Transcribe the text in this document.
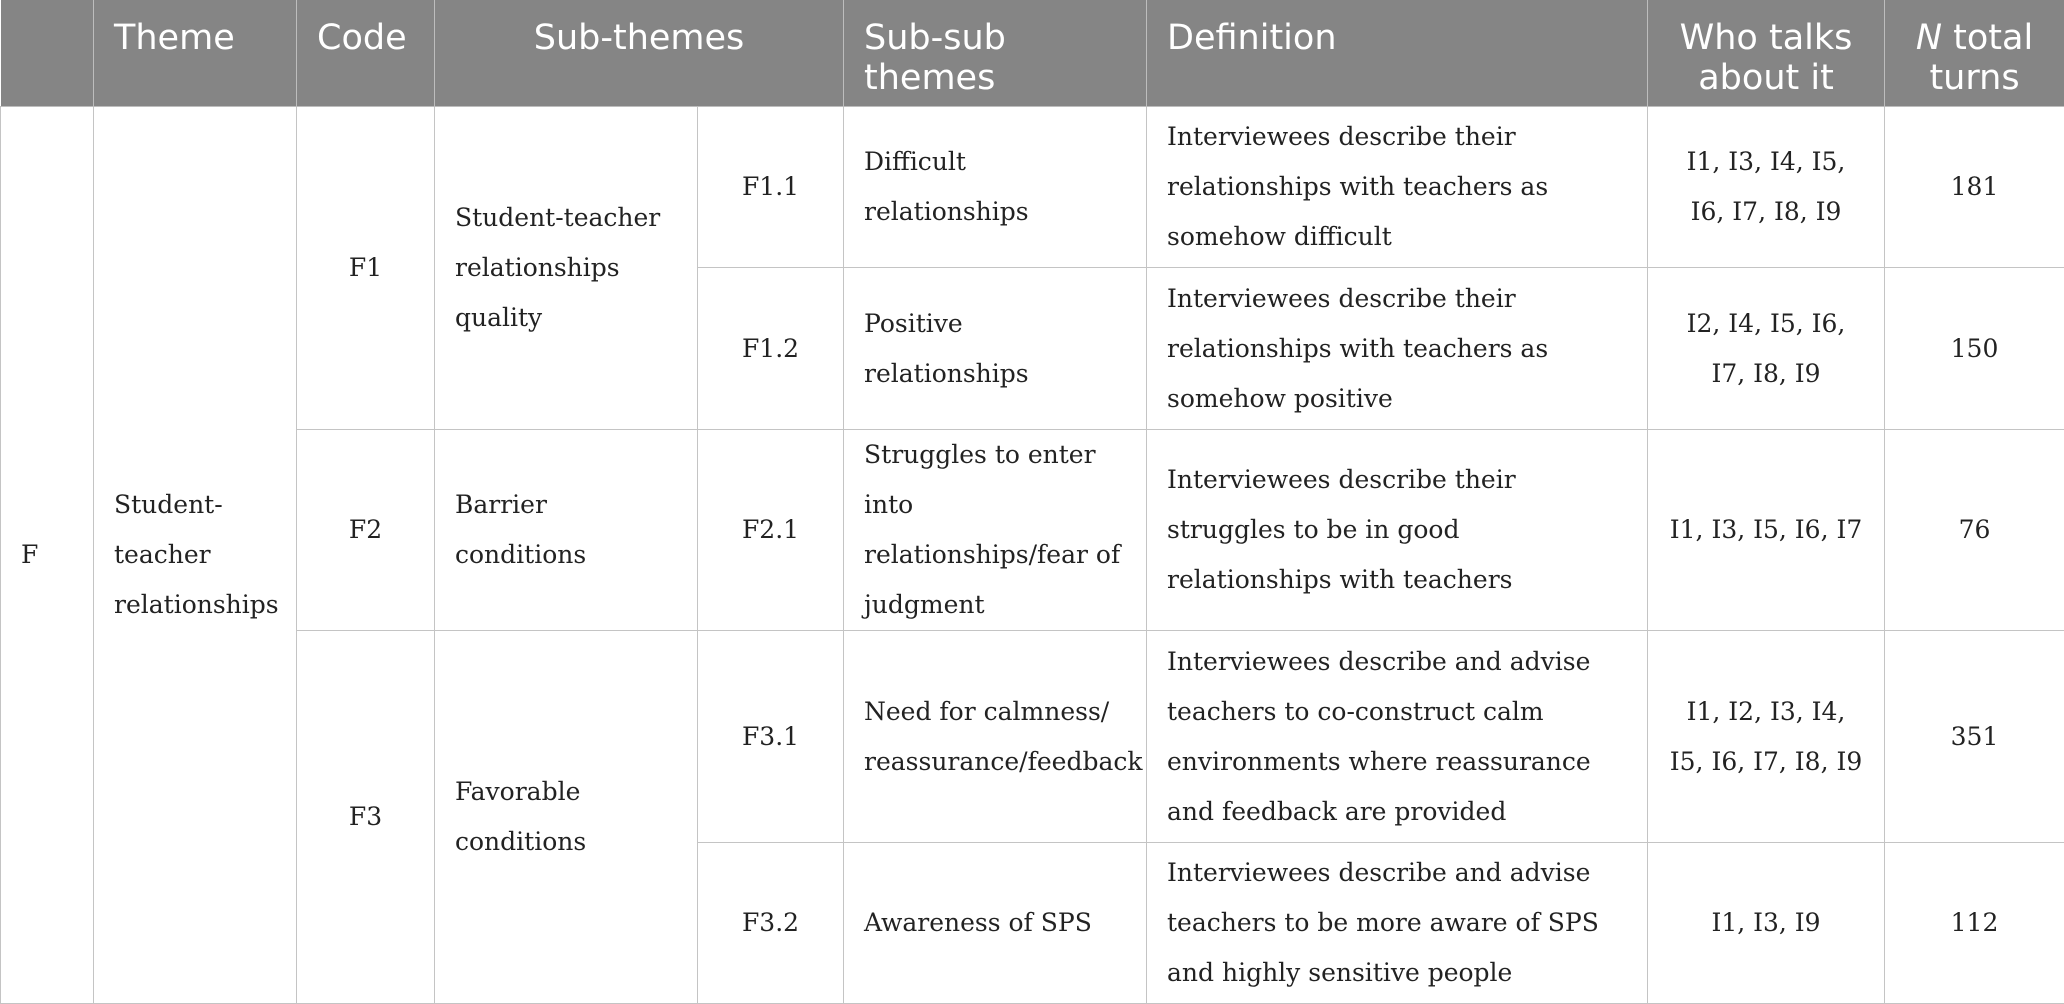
	Theme	Code	Sub-themes		Sub-sub themes	Definition	Who talks about it	N total turns
F	Student-teacher relationships	F1	Student-teacher relationships quality	F1.1	Difficult relationships	Interviewees describe their relationships with teachers as somehow difficult	I1, I3, I4, I5, I6, I7, I8, I9	181
				F1.2	Positive relationships	Interviewees describe their relationships with teachers as somehow positive	I2, I4, I5, I6, I7, I8, I9	150
		F2	Barrier conditions	F2.1	Struggles to enter into relationships/fear of judgment	Interviewees describe their struggles to be in good relationships with teachers	I1, I3, I5, I6, I7	76
		F3	Favorable conditions	F3.1	Need for calmness/ reassurance/feedback	Interviewees describe and advise teachers to co-construct calm environments where reassurance and feedback are provided	I1, I2, I3, I4, I5, I6, I7, I8, I9	351
				F3.2	Awareness of SPS	Interviewees describe and advise teachers to be more aware of SPS and highly sensitive people	I1, I3, I9	112
